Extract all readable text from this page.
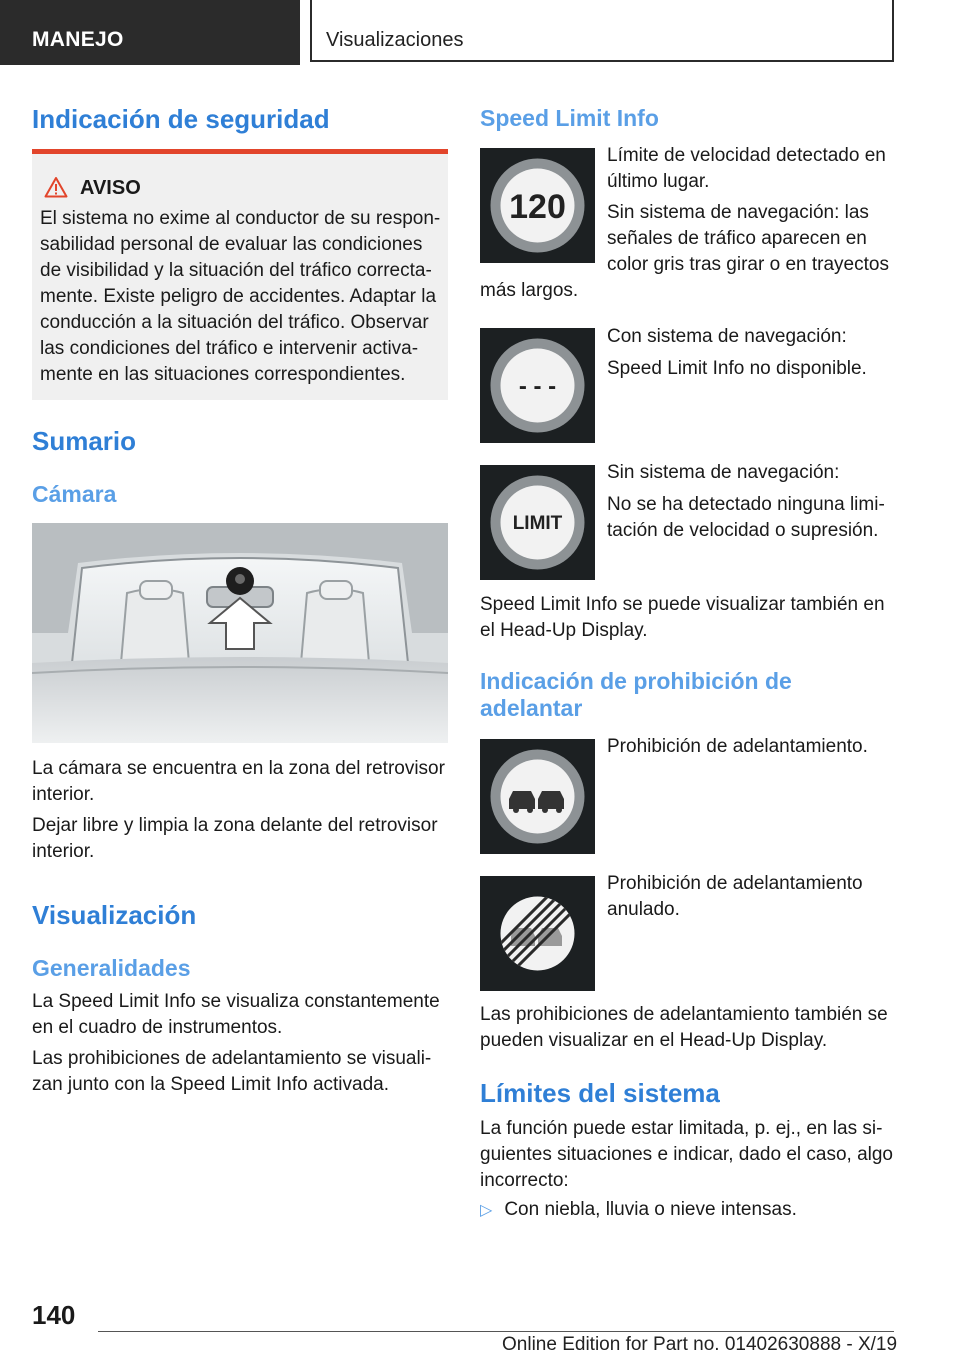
MANEJO	Visualizaciones
Indicación de seguridad
AVISO
El sistema no exime al conductor de su respon-
sabilidad personal de evaluar las condiciones
de visibilidad y la situación del tráfico correcta-
mente. Existe peligro de accidentes. Adaptar la
conducción a la situación del tráfico. Observar
las condiciones del tráfico e intervenir activa-
mente en las situaciones correspondientes.
Sumario
Cámara

La cámara se encuentra en la zona del retrovisor
interior.

Dejar libre y limpia la zona delante del retrovisor
interior.

Visualización
Generalidades

La Speed Limit Info se visualiza constantemente
en el cuadro de instrumentos.

Las prohibiciones de adelantamiento se visuali-
zan junto con la Speed Limit Info activada.

Speed Limit Info
120

Límite de velocidad detectado en
último lugar.

Sin sistema de navegación: las
señales de tráfico aparecen en
color gris tras girar o en trayectos

más largos.

- - -

Con sistema de navegación:

Speed Limit Info no disponible.

LIMIT

Sin sistema de navegación:

No se ha detectado ninguna limi-
tación de velocidad o supresión.

Speed Limit Info se puede visualizar también en
el Head-Up Display.

Indicación de prohibición de
adelantar

Prohibición de adelantamiento.

Prohibición de adelantamiento
anulado.

Las prohibiciones de adelantamiento también se
pueden visualizar en el Head-Up Display.

Límites del sistema

La función puede estar limitada, p. ej., en las si-
guientes situaciones e indicar, dado el caso, algo
incorrecto:

▷ Con niebla, lluvia o nieve intensas.

140
Online Edition for Part no. 01402630888 - X/19
